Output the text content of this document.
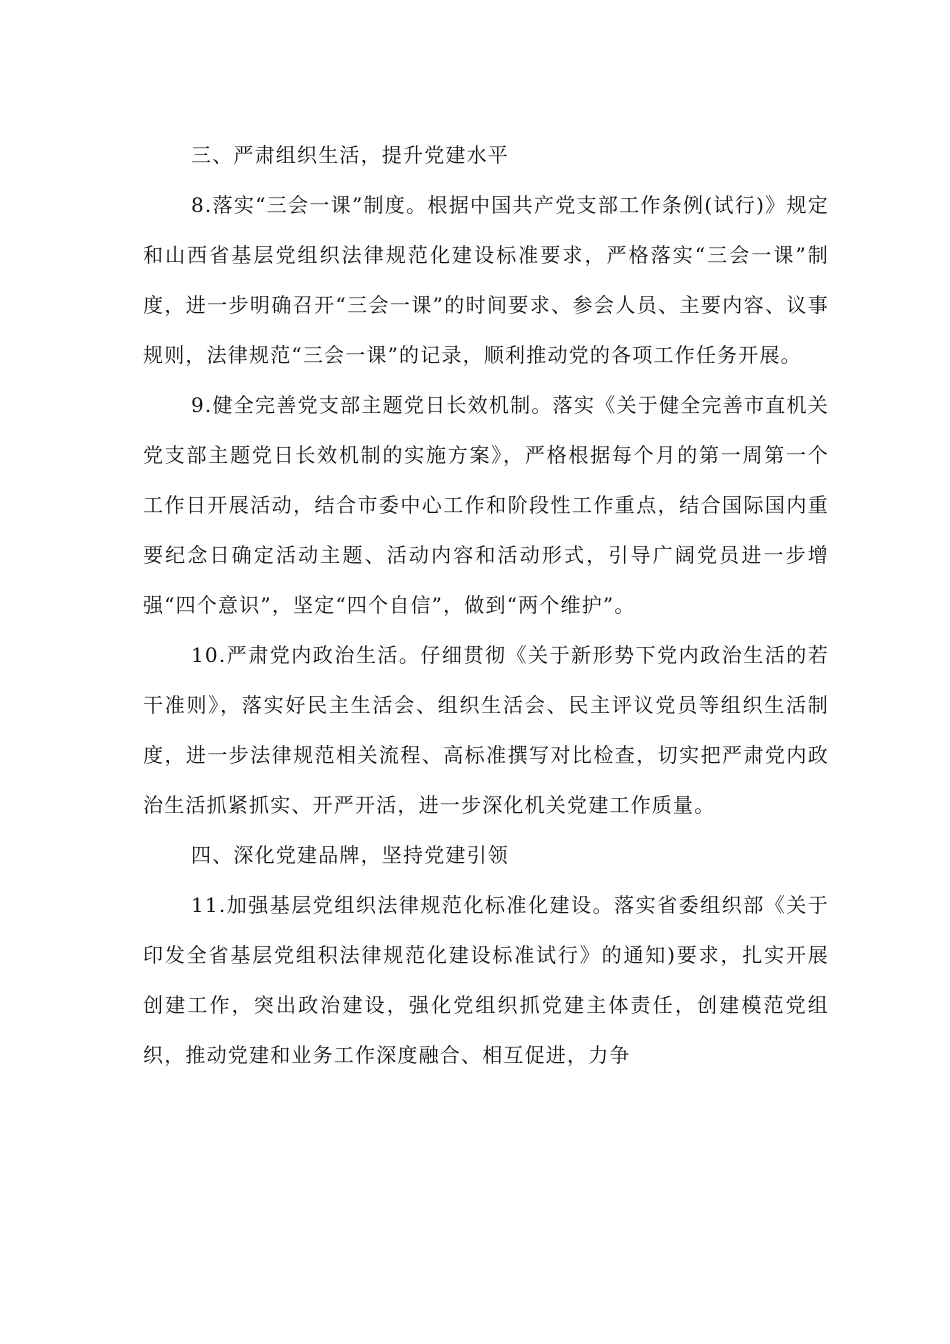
三、严肃组织生活，提升党建水平

8.落实“三会一课”制度。根据中国共产党支部工作条例(试行)》规定和山西省基层党组织法律规范化建设标准要求，严格落实“三会一课”制度，进一步明确召开“三会一课”的时间要求、参会人员、主要内容、议事规则，法律规范“三会一课”的记录，顺利推动党的各项工作任务开展。

9.健全完善党支部主题党日长效机制。落实《关于健全完善市直机关党支部主题党日长效机制的实施方案》，严格根据每个月的第一周第一个工作日开展活动，结合市委中心工作和阶段性工作重点，结合国际国内重要纪念日确定活动主题、活动内容和活动形式，引导广阔党员进一步增强“四个意识”，坚定“四个自信”，做到“两个维护”。

10.严肃党内政治生活。仔细贯彻《关于新形势下党内政治生活的若干准则》，落实好民主生活会、组织生活会、民主评议党员等组织生活制度，进一步法律规范相关流程、高标准撰写对比检查，切实把严肃党内政治生活抓紧抓实、开严开活，进一步深化机关党建工作质量。

四、深化党建品牌，坚持党建引领

11.加强基层党组织法律规范化标准化建设。落实省委组织部《关于印发全省基层党组积法律规范化建设标准试行》的通知)要求，扎实开展创建工作，突出政治建设，强化党组织抓党建主体责任，创建模范党组织，推动党建和业务工作深度融合、相互促进，力争
